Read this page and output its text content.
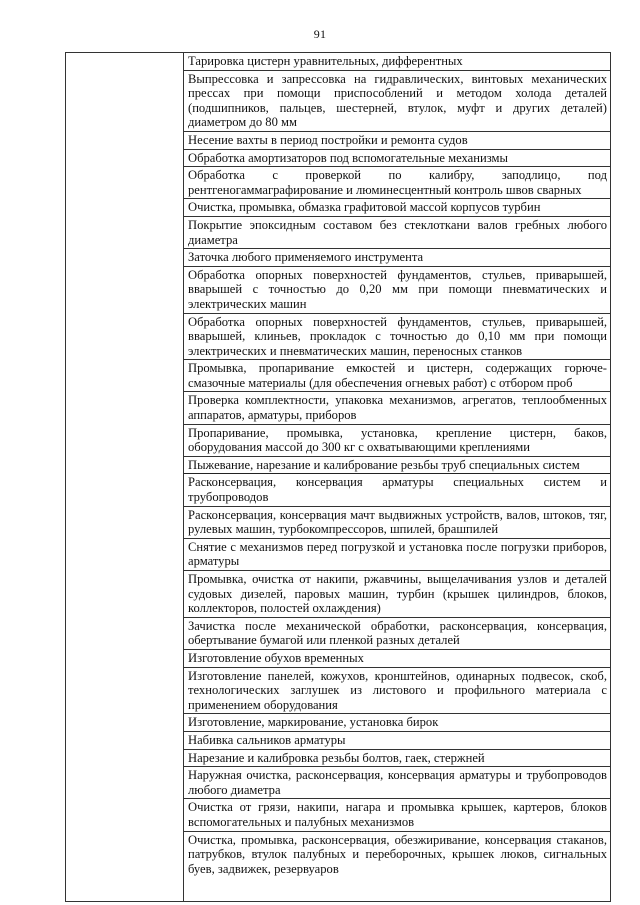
91

Тарировка цистерн уравнительных, дифферентных
Выпрессовка и запрессовка на гидравлических, винтовых механических прессах при помощи приспособлений и методом холода деталей (подшипников, пальцев, шестерней, втулок, муфт и других деталей) диаметром до 80 мм
Несение вахты в период постройки и ремонта судов
Обработка амортизаторов под вспомогательные механизмы
Обработка с проверкой по калибру, заподлицо, под рентгеногаммаграфирование и люминесцентный контроль швов сварных
Очистка, промывка, обмазка графитовой массой корпусов турбин
Покрытие эпоксидным составом без стеклоткани валов гребных любого диаметра
Заточка любого применяемого инструмента
Обработка опорных поверхностей фундаментов, стульев, приварышей, вварышей с точностью до 0,20 мм при помощи пневматических и электрических машин
Обработка опорных поверхностей фундаментов, стульев, приварышей, вварышей, клиньев, прокладок с точностью до 0,10 мм при помощи электрических и пневматических машин, переносных станков
Промывка, пропаривание емкостей и цистерн, содержащих горюче-смазочные материалы (для обеспечения огневых работ) с отбором проб
Проверка комплектности, упаковка механизмов, агрегатов, теплообменных аппаратов, арматуры, приборов
Пропаривание, промывка, установка, крепление цистерн, баков, оборудования массой до 300 кг с охватывающими креплениями
Пыжевание, нарезание и калибрование резьбы труб специальных систем
Расконсервация, консервация арматуры специальных систем и трубопроводов
Расконсервация, консервация мачт выдвижных устройств, валов, штоков, тяг, рулевых машин, турбокомпрессоров, шпилей, брашпилей
Снятие с механизмов перед погрузкой и установка после погрузки приборов, арматуры
Промывка, очистка от накипи, ржавчины, выщелачивания узлов и деталей судовых дизелей, паровых машин, турбин (крышек цилиндров, блоков, коллекторов, полостей охлаждения)
Зачистка после механической обработки, расконсервация, консервация, обертывание бумагой или пленкой разных деталей
Изготовление обухов временных
Изготовление панелей, кожухов, кронштейнов, одинарных подвесок, скоб, технологических заглушек из листового и профильного материала с применением оборудования
Изготовление, маркирование, установка бирок
Набивка сальников арматуры
Нарезание и калибровка резьбы болтов, гаек, стержней
Наружная очистка, расконсервация, консервация арматуры и трубопроводов любого диаметра
Очистка от грязи, накипи, нагара и промывка крышек, картеров, блоков вспомогательных и палубных механизмов
Очистка, промывка, расконсервация, обезжиривание, консервация стаканов, патрубков, втулок палубных и переборочных, крышек люков, сигнальных буев, задвижек, резервуаров
